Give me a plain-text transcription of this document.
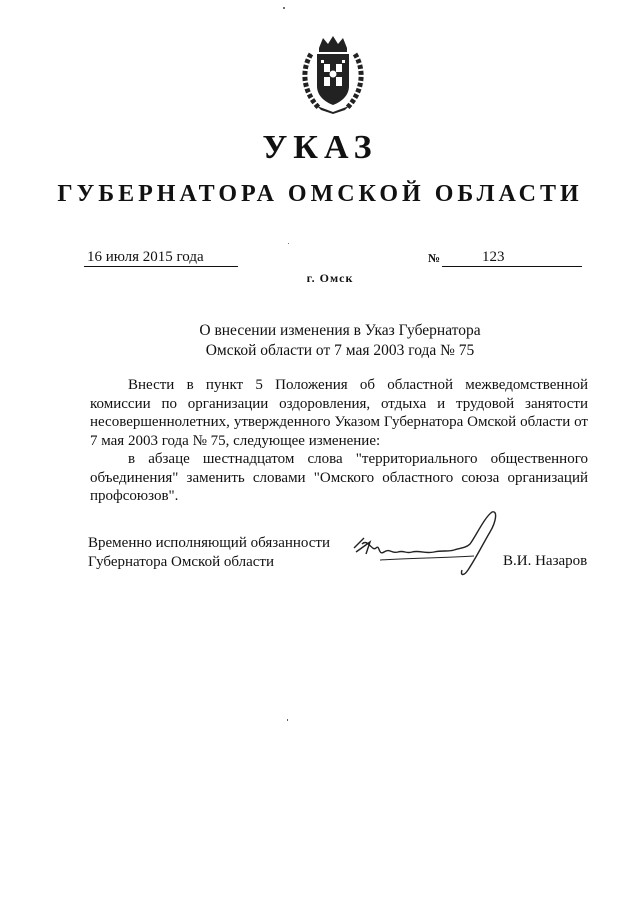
УКАЗ
ГУБЕРНАТОРА ОМСКОЙ ОБЛАСТИ
16 июля 2015 года	№	123
г. Омск
О внесении изменения в Указ Губернатора
Омской области от 7 мая 2003 года № 75

Внести в пункт 5 Положения об областной межведомственной комиссии по организации оздоровления, отдыха и трудовой занятости несовершеннолетних, утвержденного Указом Губернатора Омской области от 7 мая 2003 года № 75, следующее изменение:

в абзаце шестнадцатом слова "территориального общественного объединения" заменить словами "Омского областного союза организаций профсоюзов".

Временно исполняющий обязанности
Губернатора Омской области	В.И. Назаров
